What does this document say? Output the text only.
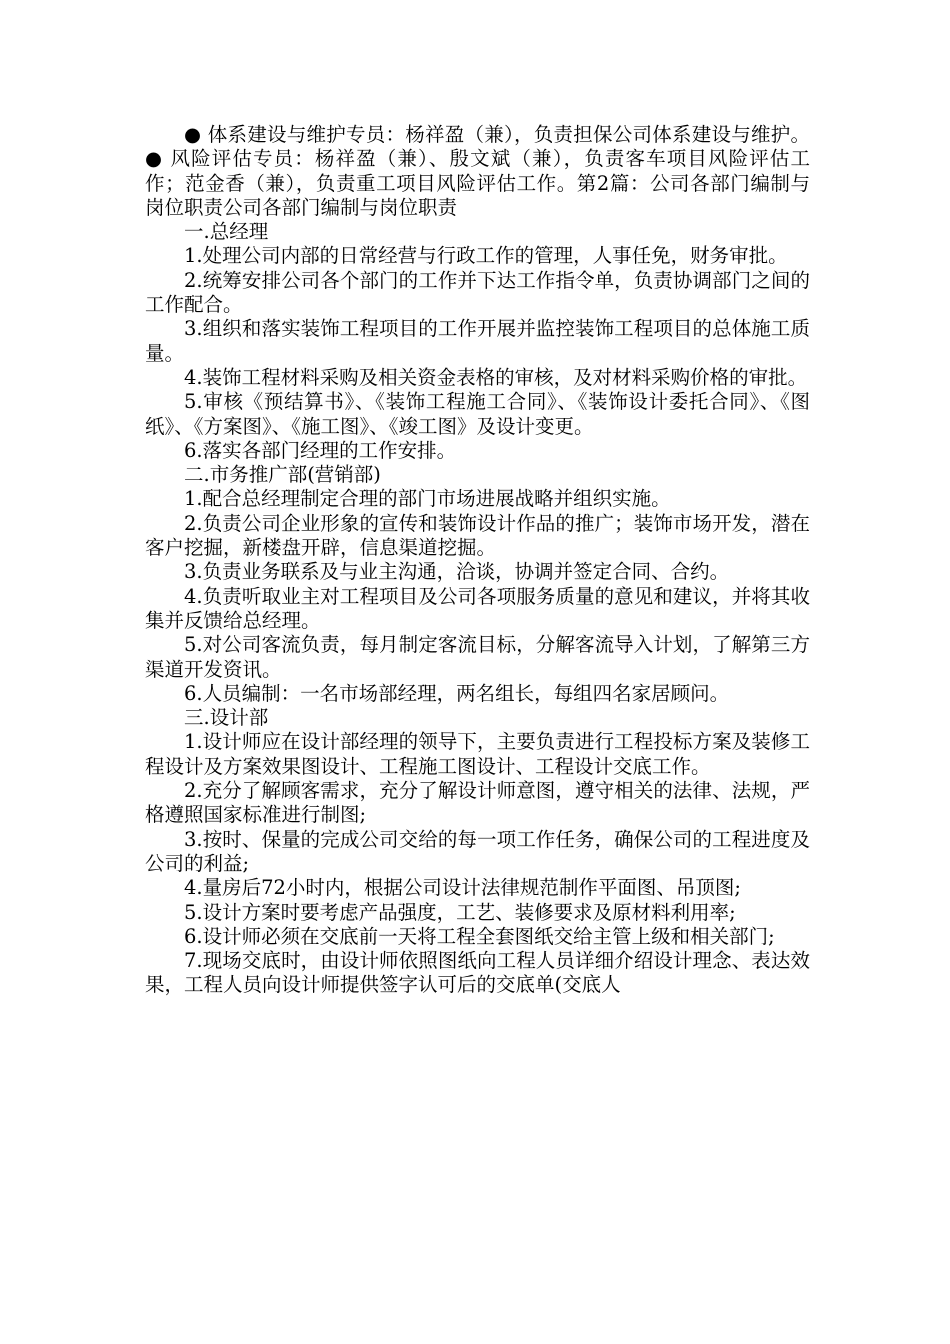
● 体系建设与维护专员：杨祥盈（兼），负责担保公司体系建设与维护。 ● 风险评估专员：杨祥盈（兼）、殷文斌（兼），负责客车项目风险评估工作；范金香（兼），负责重工项目风险评估工作。第2篇：公司各部门编制与岗位职责公司各部门编制与岗位职责

一.总经理

1.处理公司内部的日常经营与行政工作的管理，人事任免，财务审批。

2.统筹安排公司各个部门的工作并下达工作指令单，负责协调部门之间的工作配合。

3.组织和落实装饰工程项目的工作开展并监控装饰工程项目的总体施工质量。

4.装饰工程材料采购及相关资金表格的审核，及对材料采购价格的审批。

5.审核《预结算书》、《装饰工程施工合同》、《装饰设计委托合同》、《图纸》、《方案图》、《施工图》、《竣工图》及设计变更。

6.落实各部门经理的工作安排。

二.市务推广部(营销部)

1.配合总经理制定合理的部门市场进展战略并组织实施。

2.负责公司企业形象的宣传和装饰设计作品的推广；装饰市场开发，潜在客户挖掘，新楼盘开辟，信息渠道挖掘。

3.负责业务联系及与业主沟通，洽谈，协调并签定合同、合约。

4.负责听取业主对工程项目及公司各项服务质量的意见和建议，并将其收集并反馈给总经理。

5.对公司客流负责，每月制定客流目标，分解客流导入计划，了解第三方渠道开发资讯。

6.人员编制：一名市场部经理，两名组长，每组四名家居顾问。

三.设计部

1.设计师应在设计部经理的领导下，主要负责进行工程投标方案及装修工程设计及方案效果图设计、工程施工图设计、工程设计交底工作。

2.充分了解顾客需求，充分了解设计师意图，遵守相关的法律、法规，严格遵照国家标准进行制图;

3.按时、保量的完成公司交给的每一项工作任务，确保公司的工程进度及公司的利益;

4.量房后72小时内，根据公司设计法律规范制作平面图、吊顶图;

5.设计方案时要考虑产品强度，工艺、装修要求及原材料利用率;

6.设计师必须在交底前一天将工程全套图纸交给主管上级和相关部门;

7.现场交底时，由设计师依照图纸向工程人员详细介绍设计理念、表达效果，工程人员向设计师提供签字认可后的交底单(交底人
